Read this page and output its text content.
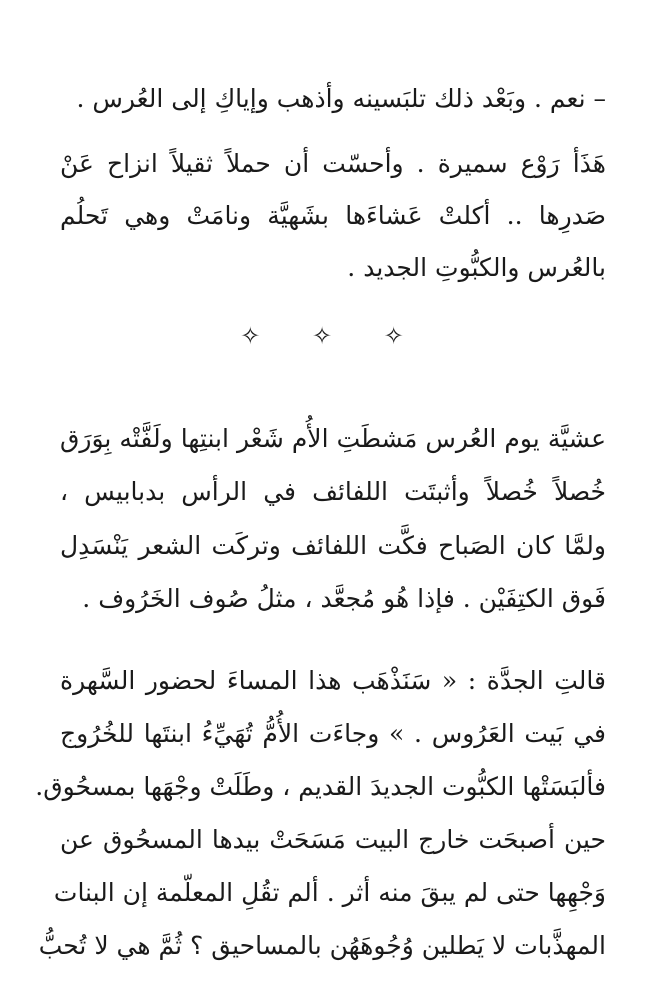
– نعم . وبَعْد ذلك تلبَسينه وأذهب وإياكِ إلى العُرس .
هَذَأ رَوْع سميرة . وأحسّت أن حملاً ثقيلاً انزاح عَنْ
صَدرِها .. أكلتْ عَشاءَها بشَهيَّة ونامَتْ وهي تَحلُم
بالعُرس والكبُّوتِ الجديد .
✧ ✧ ✧
عشيَّة يوم العُرس مَشطَتِ الأُم شَعْر ابنتِها ولَفَّتْه بِوَرَق
خُصلاً خُصلاً وأثبتَت اللفائف في الرأس بدبابيس ،
ولمَّا كان الصَباح فكَّت اللفائف وتركَت الشعر يَنْسَدِل
فَوق الكتِفَيْن . فإذا هُو مُجعَّد ، مثلُ صُوف الخَرُوف .
قالتِ الجدَّة : « سَنَذْهَب هذا المساءَ لحضور السَّهرة
في بَيت العَرُوس . » وجاءَت الأُمُّ تُهَيِّءُ ابنتَها للخُرُوج
فألبَسَتْها الكبُّوت الجديدَ القديم ، وطَلَتْ وجْهَها بمسحُوق.
حين أصبحَت خارج البيت مَسَحَتْ بيدها المسحُوق عن
وَجْهِها حتى لم يبقَ منه أثر . ألم تقُلِ المعلّمة إن البنات
المهذَّبات لا يَطلين وُجُوهَهُن بالمساحيق ؟ ثُمَّ هي لا تُحبُّ
